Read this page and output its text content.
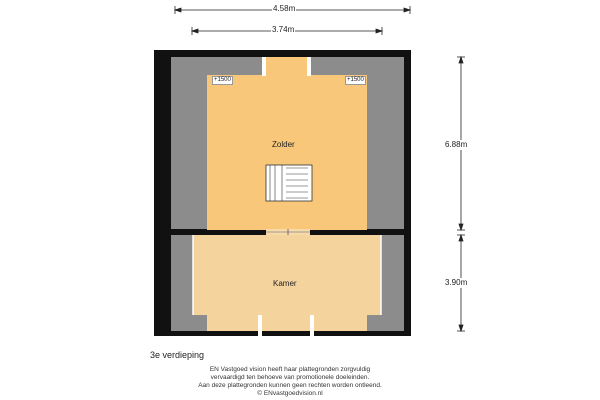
4.58m
3.74m
6.88m
3.90m
+1500	+1500
Zolder
Kamer
3e verdieping
EN Vastgoed vision heeft haar plattegronden zorgvuldig
vervaardigd ten behoeve van promotionele doeleinden.
Aan deze plattegronden kunnen geen rechten worden ontleend.
© ENvastgoedvision.nl
